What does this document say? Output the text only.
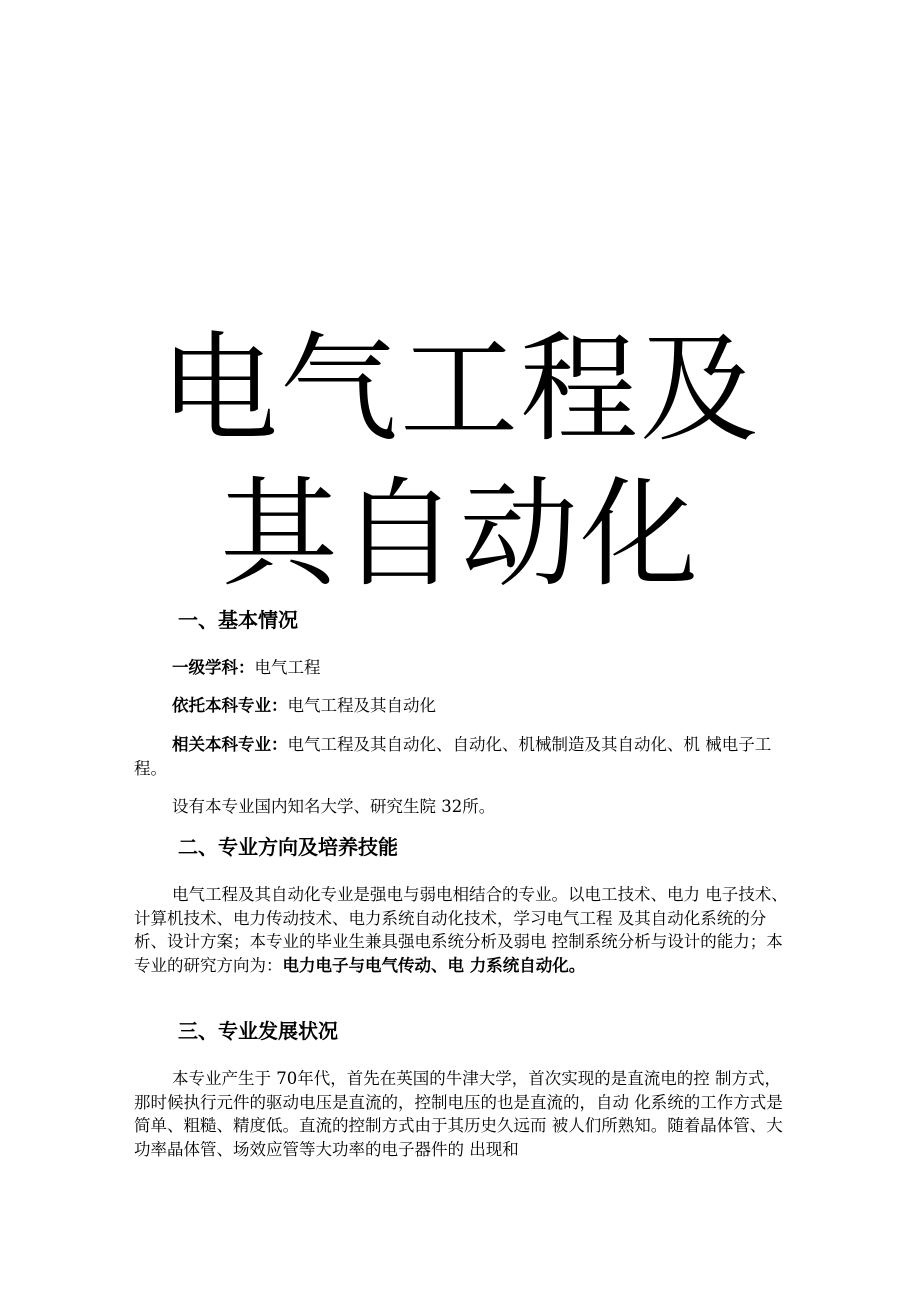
电气工程及
其自动化
一、基本情况

一级学科：电气工程

依托本科专业：电气工程及其自动化

相关本科专业：电气工程及其自动化、自动化、机械制造及其自动化、机 械电子工程。

设有本专业国内知名大学、研究生院 32所。

二、专业方向及培养技能

电气工程及其自动化专业是强电与弱电相结合的专业。以电工技术、电力 电子技术、计算机技术、电力传动技术、电力系统自动化技术，学习电气工程 及其自动化系统的分析、设计方案；本专业的毕业生兼具强电系统分析及弱电 控制系统分析与设计的能力；本专业的研究方向为：电力电子与电气传动、电 力系统自动化。

三、专业发展状况

本专业产生于 70年代，首先在英国的牛津大学，首次实现的是直流电的控 制方式，那时候执行元件的驱动电压是直流的，控制电压的也是直流的，自动 化系统的工作方式是简单、粗糙、精度低。直流的控制方式由于其历史久远而 被人们所熟知。随着晶体管、大功率晶体管、场效应管等大功率的电子器件的 出现和
